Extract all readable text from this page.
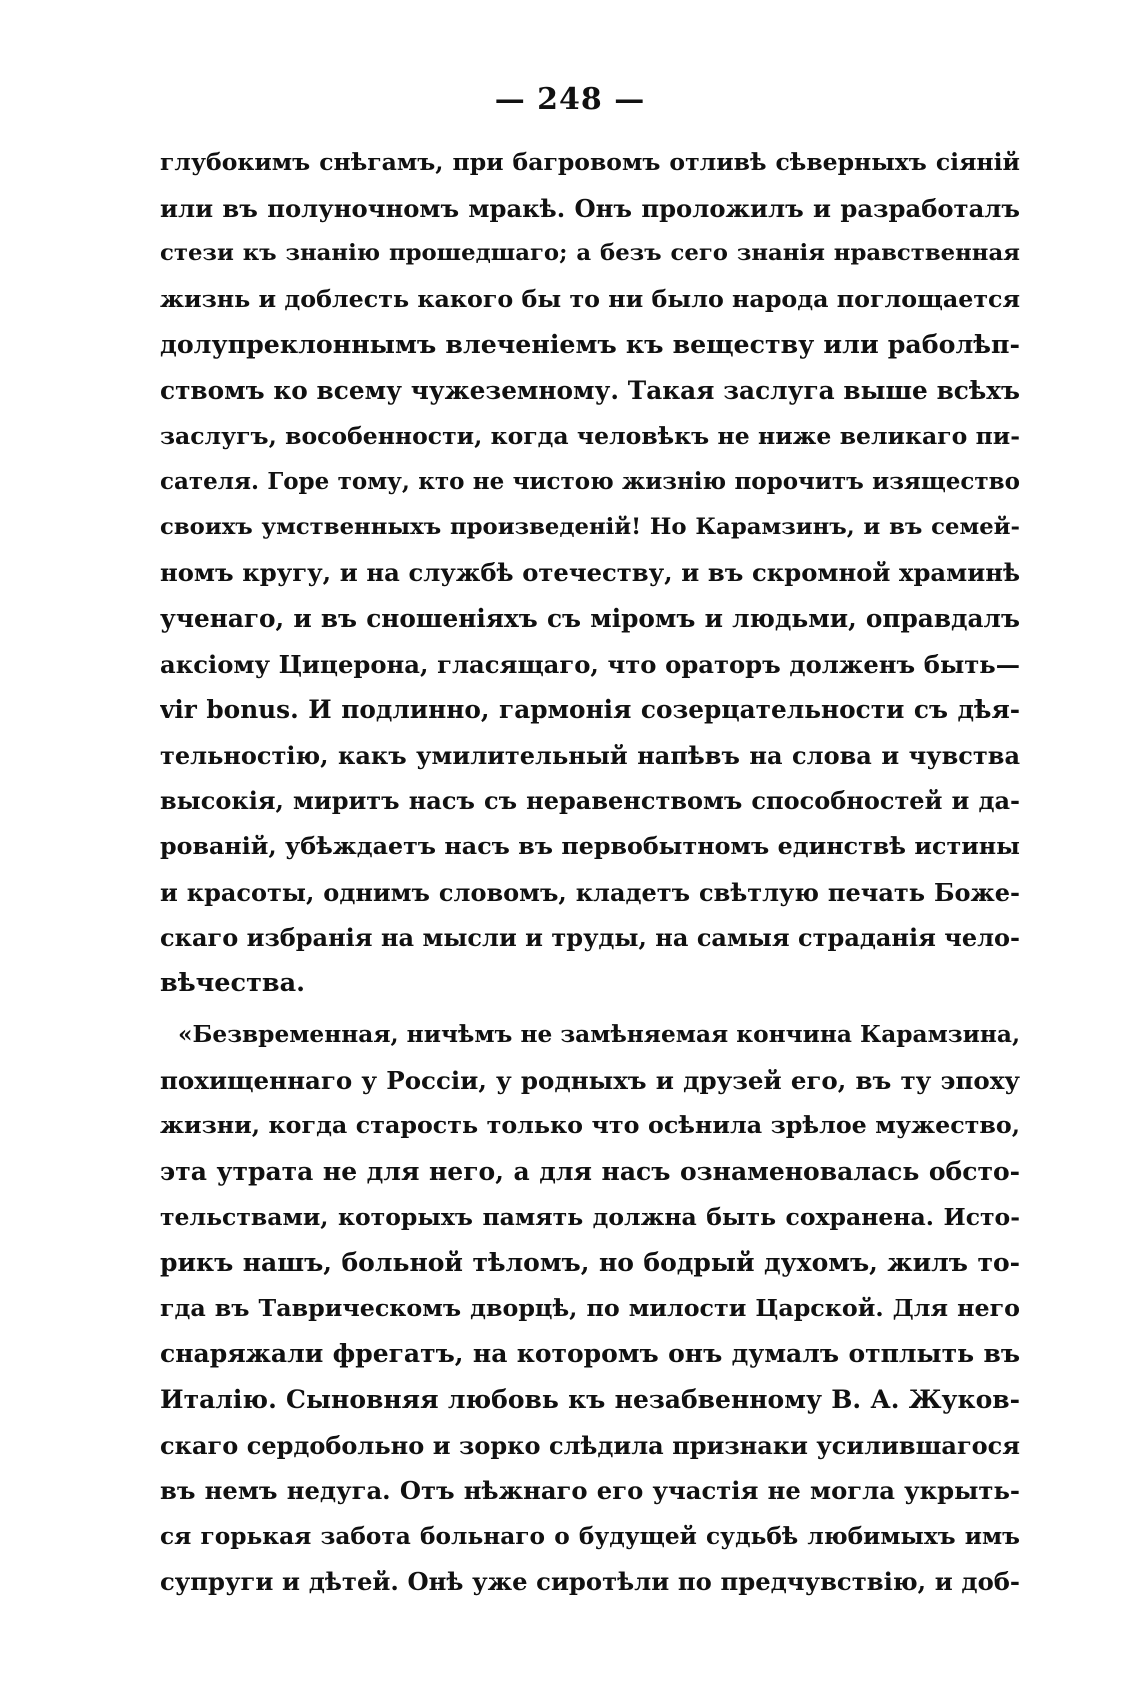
— 248 —
глубокимъ снѣгамъ, при багровомъ отливѣ сѣверныхъ сіяній
или въ полуночномъ мракѣ. Онъ проложилъ и разработалъ
стези къ знанію прошедшаго; а безъ сего знанія нравственная
жизнь и доблесть какого бы то ни было народа поглощается
долупреклоннымъ влеченіемъ къ веществу или раболѣп-
ствомъ ко всему чужеземному. Такая заслуга выше всѣхъ
заслугъ, вособенности, когда человѣкъ не ниже великаго пи-
сателя. Горе тому, кто не чистою жизнію порочитъ изящество
своихъ умственныхъ произведеній! Но Карамзинъ, и въ семей-
номъ кругу, и на службѣ отечеству, и въ скромной храминѣ
ученаго, и въ сношеніяхъ съ міромъ и людьми, оправдалъ
аксіому Цицерона, гласящаго, что ораторъ долженъ быть—
vir bonus. И подлинно, гармонія созерцательности съ дѣя-
тельностію, какъ умилительный напѣвъ на слова и чувства
высокія, миритъ насъ съ неравенствомъ способностей и да-
рованій, убѣждаетъ насъ въ первобытномъ единствѣ истины
и красоты, однимъ словомъ, кладетъ свѣтлую печать Боже-
скаго избранія на мысли и труды, на самыя страданія чело-
вѣчества.
«Безвременная, ничѣмъ не замѣняемая кончина Карамзина,
похищеннаго у Россіи, у родныхъ и друзей его, въ ту эпоху
жизни, когда старость только что осѣнила зрѣлое мужество,
эта утрата не для него, а для насъ ознаменовалась обсто-
тельствами, которыхъ память должна быть сохранена. Исто-
рикъ нашъ, больной тѣломъ, но бодрый духомъ, жилъ то-
гда въ Таврическомъ дворцѣ, по милости Царской. Для него
снаряжали фрегатъ, на которомъ онъ думалъ отплыть въ
Италію. Сыновняя любовь къ незабвенному В. А. Жуков-
скаго сердобольно и зорко слѣдила признаки усилившагося
въ немъ недуга. Отъ нѣжнаго его участія не могла укрыть-
ся горькая забота больнаго о будущей судьбѣ любимыхъ имъ
супруги и дѣтей. Онѣ уже сиротѣли по предчувствію, и доб-
